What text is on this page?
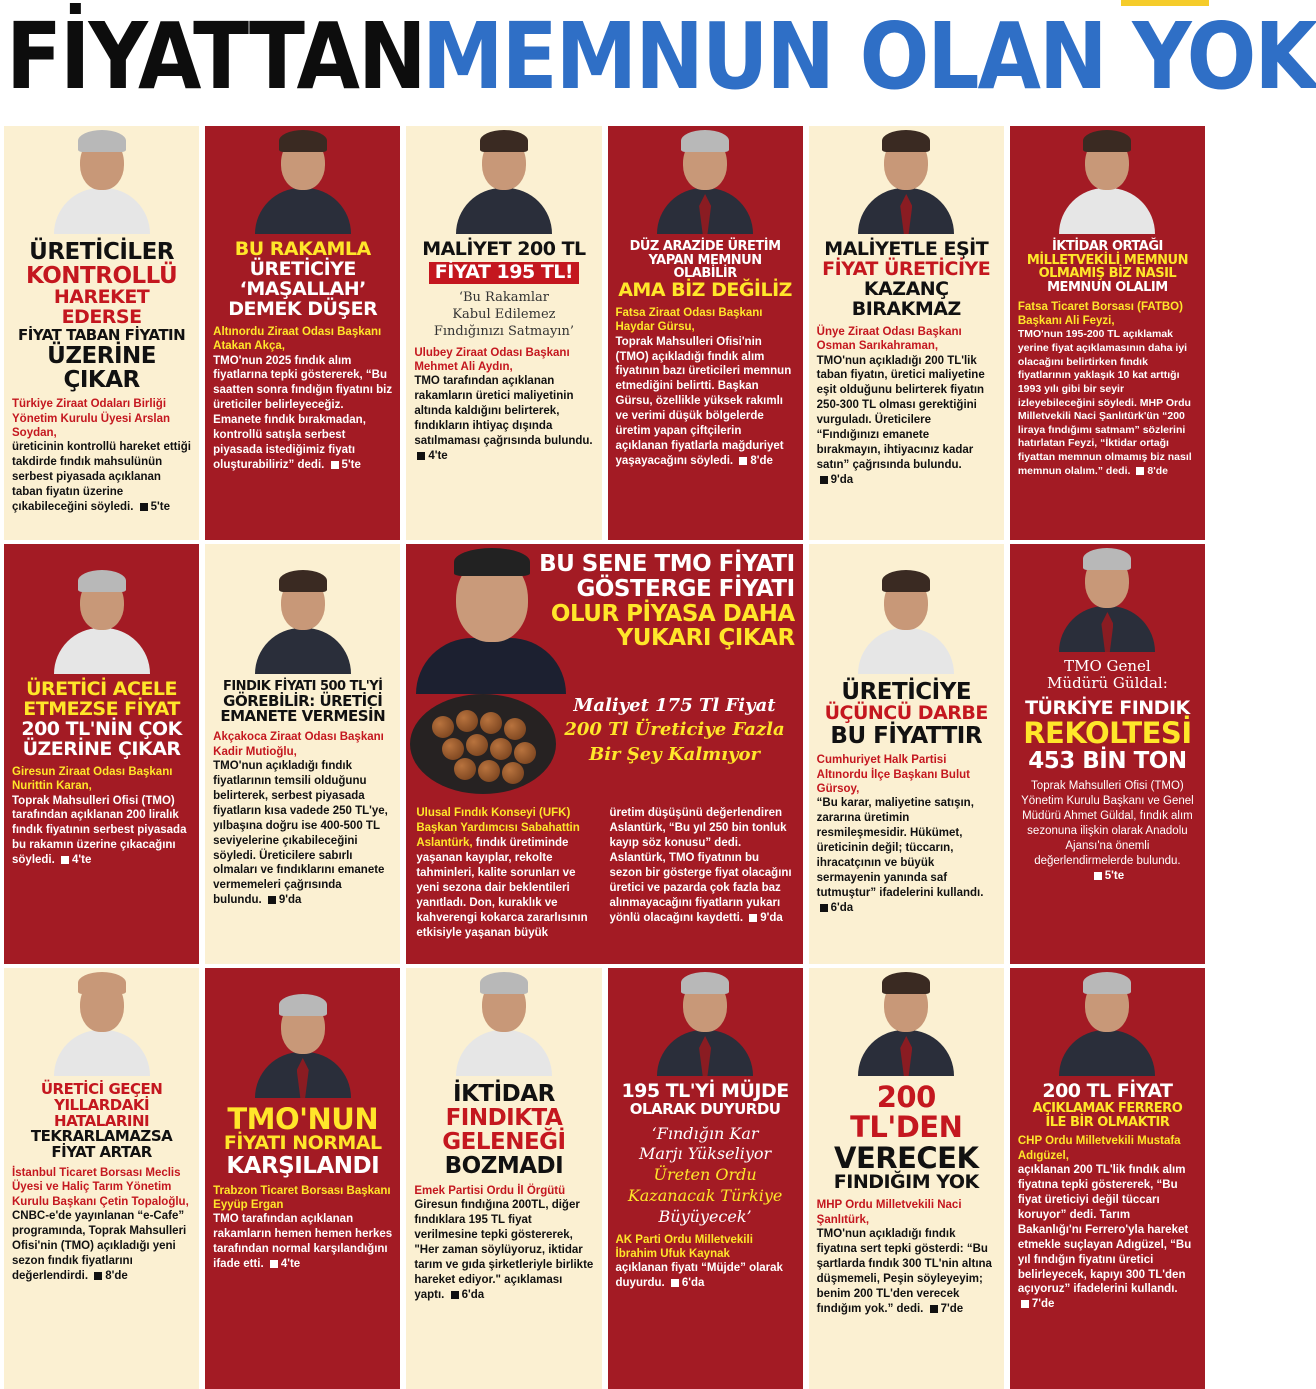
FİYATTAN
MEMNUN OLAN YOK
ÜRETİCİLER
KONTROLLÜ
HAREKET EDERSE
FİYAT TABAN FİYATIN
ÜZERİNE ÇIKAR
Türkiye Ziraat Odaları Birliği Yönetim Kurulu Üyesi Arslan Soydan,
üreticinin kontrollü hareket ettiği takdirde fındık mahsulünün serbest piyasada açıklanan taban fiyatın üzerine çıkabileceğini söyledi. 5'te
BU RAKAMLA
ÜRETİCİYE
‘MAŞALLAH’
DEMEK DÜŞER
Altınordu Ziraat Odası Başkanı Atakan Akça,
TMO'nun 2025 fındık alım fiyatlarına tepki göstererek, “Bu saatten sonra fındığın fiyatını biz üreticiler belirleyeceğiz. Emanete fındık bırakmadan, kontrollü satışla serbest piyasada istediğimiz fiyatı oluşturabiliriz” dedi. 5'te
MALİYET 200 TL
FİYAT 195 TL!
‘Bu Rakamlar
Kabul Edilemez
Fındığınızı Satmayın’
Ulubey Ziraat Odası Başkanı Mehmet Ali Aydın,
TMO tarafından açıklanan rakamların üretici maliyetinin altında kaldığını belirterek, fındıkların ihtiyaç dışında satılmaması çağrısında bulundu. 4'te
DÜZ ARAZİDE ÜRETİM
YAPAN MEMNUN OLABİLİR
AMA BİZ DEĞİLİZ
Fatsa Ziraat Odası Başkanı Haydar Gürsu,
Toprak Mahsulleri Ofisi'nin (TMO) açıkladığı fındık alım fiyatının bazı üreticileri memnun etmediğini belirtti. Başkan Gürsu, özellikle yüksek rakımlı ve verimi düşük bölgelerde üretim yapan çiftçilerin açıklanan fiyatlarla mağduriyet yaşayacağını söyledi. 8'de
MALİYETLE EŞİT
FİYAT ÜRETİCİYE
KAZANÇ BIRAKMAZ
Ünye Ziraat Odası Başkanı Osman Sarıkahraman,
TMO'nun açıkladığı 200 TL'lik taban fiyatın, üretici maliyetine eşit olduğunu belirterek fiyatın 250-300 TL olması gerektiğini vurguladı. Üreticilere “Fındığınızı emanete bırakmayın, ihtiyacınız kadar satın” çağrısında bulundu. 9'da
İKTİDAR ORTAĞI
MİLLETVEKİLİ MEMNUN
OLMAMIŞ BİZ NASIL
MEMNUN OLALIM
Fatsa Ticaret Borsası (FATBO) Başkanı Ali Feyzi,
TMO'nun 195-200 TL açıklamak yerine fiyat açıklamasının daha iyi olacağını belirtirken fındık fiyatlarının yaklaşık 10 kat arttığı 1993 yılı gibi bir seyir izleyebileceğini söyledi. MHP Ordu Milletvekili Naci Şanlıtürk'ün “200 liraya fındığımı satmam” sözlerini hatırlatan Feyzi, “İktidar ortağı fiyattan memnun olmamış biz nasıl memnun olalım.” dedi. 8'de
ÜRETİCİ ACELE
ETMEZSE FİYAT
200 TL'NİN ÇOK
ÜZERİNE ÇIKAR
Giresun Ziraat Odası Başkanı Nurittin Karan,
Toprak Mahsulleri Ofisi (TMO) tarafından açıklanan 200 liralık fındık fiyatının serbest piyasada bu rakamın üzerine çıkacağını söyledi. 4'te
FINDIK FİYATI 500 TL'Yİ
GÖREBİLİR: ÜRETİCİ
EMANETE VERMESİN
Akçakoca Ziraat Odası Başkanı Kadir Mutioğlu,
TMO'nun açıkladığı fındık fiyatlarının temsili olduğunu belirterek, serbest piyasada fiyatların kısa vadede 250 TL'ye, yılbaşına doğru ise 400-500 TL seviyelerine çıkabileceğini söyledi. Üreticilere sabırlı olmaları ve fındıklarını emanete vermemeleri çağrısında bulundu. 9'da
BU SENE TMO FİYATI
GÖSTERGE FİYATI
OLUR PİYASA DAHA
YUKARI ÇIKAR
Maliyet 175 Tl Fiyat
200 Tl Üreticiye Fazla
Bir Şey Kalmıyor
Ulusal Fındık Konseyi (UFK) Başkan Yardımcısı Sabahattin Aslantürk, fındık üretiminde yaşanan kayıplar, rekolte tahminleri, kalite sorunları ve yeni sezona dair beklentileri yanıtladı. Don, kuraklık ve kahverengi kokarca zararlısının etkisiyle yaşanan büyük
üretim düşüşünü değerlendiren Aslantürk, “Bu yıl 250 bin tonluk kayıp söz konusu” dedi. Aslantürk, TMO fiyatının bu sezon bir gösterge fiyat olacağını üretici ve pazarda çok fazla baz alınmayacağını fiyatların yukarı yönlü olacağını kaydetti. 9'da
ÜRETİCİYE
ÜÇÜNCÜ DARBE
BU FİYATTIR
Cumhuriyet Halk Partisi Altınordu İlçe Başkanı Bulut Gürsoy,
“Bu karar, maliyetine satışın, zararına üretimin resmileşmesidir. Hükümet, üreticinin değil; tüccarın, ihracatçının ve büyük sermayenin yanında saf tutmuştur” ifadelerini kullandı. 6'da
TMO Genel
Müdürü Güldal:
TÜRKİYE FINDIK
REKOLTESİ
453 BİN TON
Toprak Mahsulleri Ofisi (TMO) Yönetim Kurulu Başkanı ve Genel Müdürü Ahmet Güldal, fındık alım sezonuna ilişkin olarak Anadolu Ajansı'na önemli değerlendirmelerde bulundu. 5'te
ÜRETİCİ GEÇEN
YILLARDAKİ
HATALARINI
TEKRARLAMAZSA
FİYAT ARTAR
İstanbul Ticaret Borsası Meclis Üyesi ve Haliç Tarım Yönetim Kurulu Başkanı Çetin Topaloğlu,
CNBC-e'de yayınlanan “e-Cafe” programında, Toprak Mahsulleri Ofisi'nin (TMO) açıkladığı yeni sezon fındık fiyatlarını değerlendirdi. 8'de
TMO'NUN
FİYATI NORMAL
KARŞILANDI
Trabzon Ticaret Borsası Başkanı Eyyüp Ergan
TMO tarafından açıklanan rakamların hemen hemen herkes tarafından normal karşılandığını ifade etti. 4'te
İKTİDAR
FINDIKTA
GELENEĞİ
BOZMADI
Emek Partisi Ordu İl Örgütü
Giresun fındığına 200TL, diğer fındıklara 195 TL fiyat verilmesine tepki göstererek, "Her zaman söylüyoruz, iktidar tarım ve gıda şirketleriyle birlikte hareket ediyor." açıklaması yaptı. 6'da
195 TL'Yİ MÜJDE
OLARAK DUYURDU
‘Fındığın Kar
Marjı Yükseliyor
Üreten Ordu
Kazanacak Türkiye
Büyüyecek’
AK Parti Ordu Milletvekili İbrahim Ufuk Kaynak
açıklanan fiyatı “Müjde” olarak duyurdu. 6'da
200 TL'DEN
VERECEK
FINDIĞIM YOK
MHP Ordu Milletvekili Naci Şanlıtürk,
TMO'nun açıkladığı fındık fiyatına sert tepki gösterdi: “Bu şartlarda fındık 300 TL'nin altına düşmemeli, Peşin söyleyeyim; benim 200 TL'den verecek fındığım yok.” dedi. 7'de
200 TL FİYAT
AÇIKLAMAK FERRERO
İLE BİR OLMAKTIR
CHP Ordu Milletvekili Mustafa Adıgüzel,
açıklanan 200 TL'lik fındık alım fiyatına tepki göstererek, “Bu fiyat üreticiyi değil tüccarı koruyor” dedi. Tarım Bakanlığı'nı Ferrero'yla hareket etmekle suçlayan Adıgüzel, “Bu yıl fındığın fiyatını üretici belirleyecek, kapıyı 300 TL'den açıyoruz” ifadelerini kullandı. 7'de
